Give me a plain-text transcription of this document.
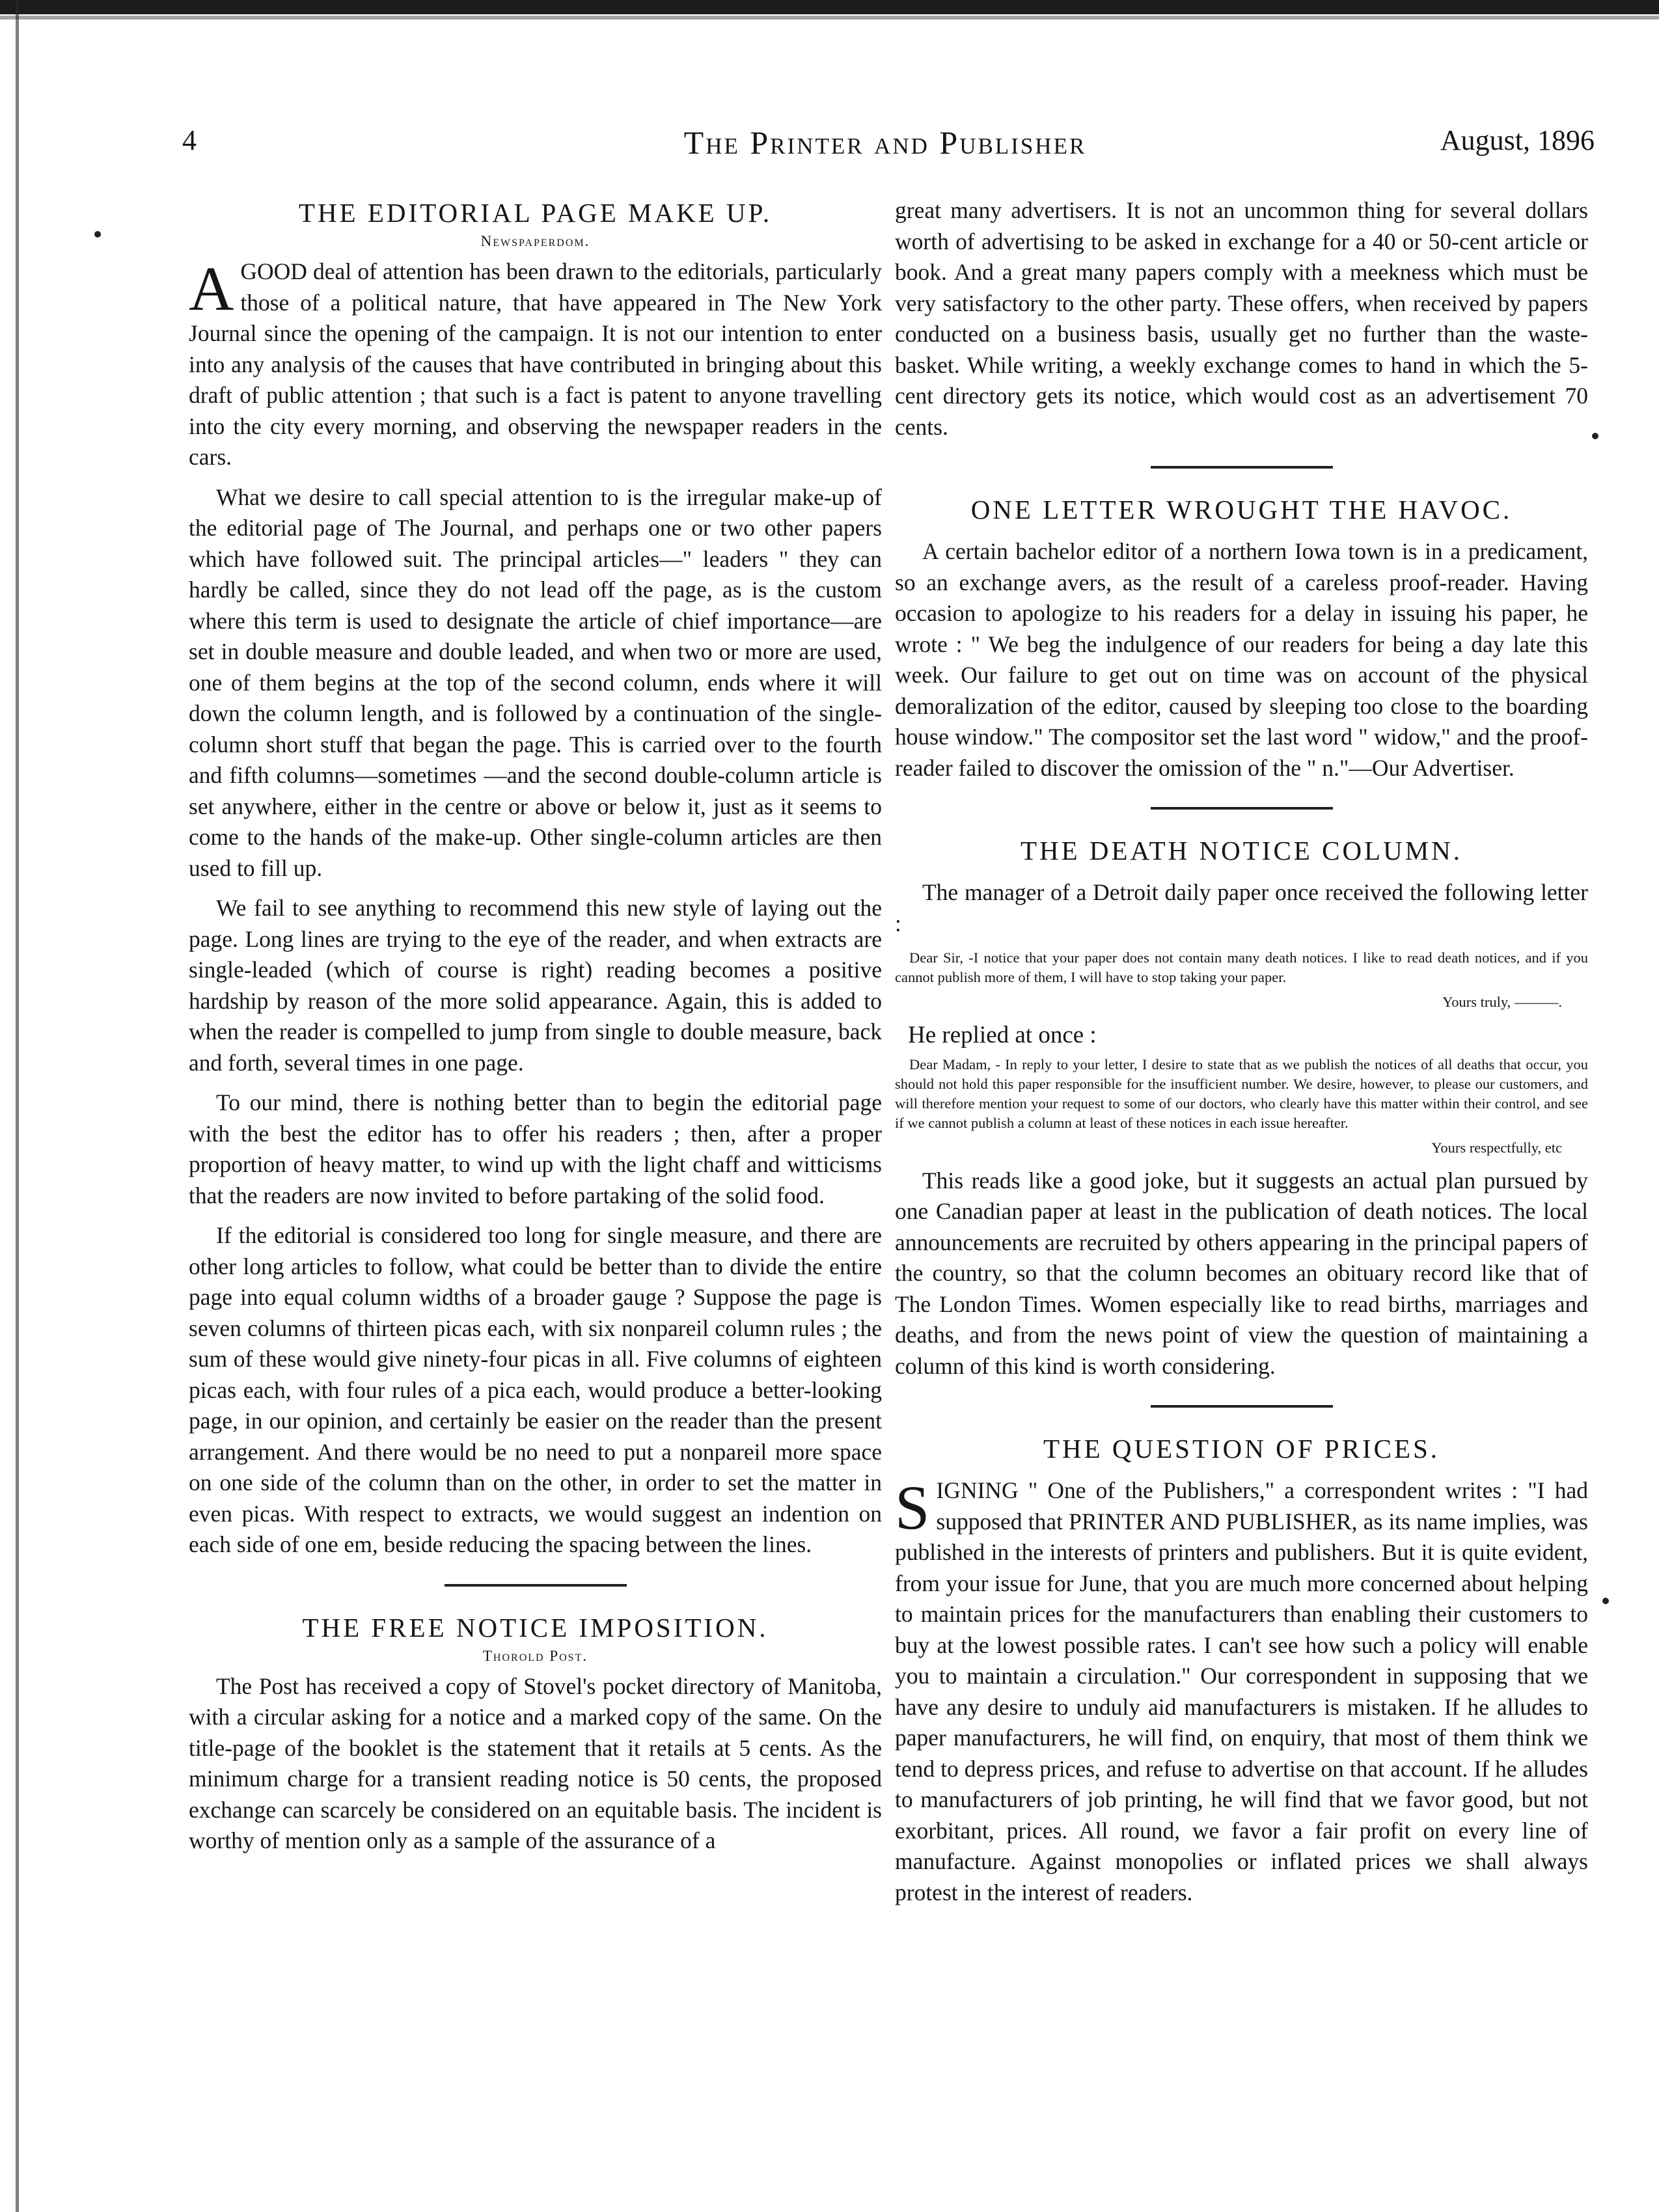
4	The Printer and Publisher	August, 1896
THE EDITORIAL PAGE MAKE UP.
Newspaperdom.

AGOOD deal of attention has been drawn to the editorials, particularly those of a political nature, that have appeared in The New York Journal since the opening of the campaign. It is not our intention to enter into any analysis of the causes that have contributed in bringing about this draft of public attention ; that such is a fact is patent to anyone travelling into the city every morning, and observing the newspaper readers in the cars.

What we desire to call special attention to is the irregular make-up of the editorial page of The Journal, and perhaps one or two other papers which have followed suit. The principal articles—" leaders " they can hardly be called, since they do not lead off the page, as is the custom where this term is used to designate the article of chief importance—are set in double measure and double leaded, and when two or more are used, one of them begins at the top of the second column, ends where it will down the column length, and is followed by a continuation of the single-column short stuff that began the page. This is carried over to the fourth and fifth columns—sometimes —and the second double-column article is set anywhere, either in the centre or above or below it, just as it seems to come to the hands of the make-up. Other single-column articles are then used to fill up.

We fail to see anything to recommend this new style of laying out the page. Long lines are trying to the eye of the reader, and when extracts are single-leaded (which of course is right) reading becomes a positive hardship by reason of the more solid appearance. Again, this is added to when the reader is compelled to jump from single to double measure, back and forth, several times in one page.

To our mind, there is nothing better than to begin the editorial page with the best the editor has to offer his readers ; then, after a proper proportion of heavy matter, to wind up with the light chaff and witticisms that the readers are now invited to before partaking of the solid food.

If the editorial is considered too long for single measure, and there are other long articles to follow, what could be better than to divide the entire page into equal column widths of a broader gauge ? Suppose the page is seven columns of thirteen picas each, with six nonpareil column rules ; the sum of these would give ninety-four picas in all. Five columns of eighteen picas each, with four rules of a pica each, would produce a better-looking page, in our opinion, and certainly be easier on the reader than the present arrangement. And there would be no need to put a nonpareil more space on one side of the column than on the other, in order to set the matter in even picas. With respect to extracts, we would suggest an indention on each side of one em, beside reducing the spacing between the lines.

THE FREE NOTICE IMPOSITION.
Thorold Post.

The Post has received a copy of Stovel's pocket directory of Manitoba, with a circular asking for a notice and a marked copy of the same. On the title-page of the booklet is the statement that it retails at 5 cents. As the minimum charge for a transient reading notice is 50 cents, the proposed exchange can scarcely be considered on an equitable basis. The incident is worthy of mention only as a sample of the assurance of a

great many advertisers. It is not an uncommon thing for several dollars worth of advertising to be asked in exchange for a 40 or 50-cent article or book. And a great many papers comply with a meekness which must be very satisfactory to the other party. These offers, when received by papers conducted on a business basis, usually get no further than the waste-basket. While writing, a weekly exchange comes to hand in which the 5-cent directory gets its notice, which would cost as an advertisement 70 cents.

ONE LETTER WROUGHT THE HAVOC.

A certain bachelor editor of a northern Iowa town is in a predicament, so an exchange avers, as the result of a careless proof-reader. Having occasion to apologize to his readers for a delay in issuing his paper, he wrote : " We beg the indulgence of our readers for being a day late this week. Our failure to get out on time was on account of the physical demoralization of the editor, caused by sleeping too close to the boarding house window." The compositor set the last word " widow," and the proof-reader failed to discover the omission of the " n."—Our Advertiser.

THE DEATH NOTICE COLUMN.

The manager of a Detroit daily paper once received the following letter :

Dear Sir, -I notice that your paper does not contain many death notices. I like to read death notices, and if you cannot publish more of them, I will have to stop taking your paper.

Yours truly, ———.

He replied at once :

Dear Madam, - In reply to your letter, I desire to state that as we publish the notices of all deaths that occur, you should not hold this paper responsible for the insufficient number. We desire, however, to please our customers, and will therefore mention your request to some of our doctors, who clearly have this matter within their control, and see if we cannot publish a column at least of these notices in each issue hereafter.

Yours respectfully, etc

This reads like a good joke, but it suggests an actual plan pursued by one Canadian paper at least in the publication of death notices. The local announcements are recruited by others appearing in the principal papers of the country, so that the column becomes an obituary record like that of The London Times. Women especially like to read births, marriages and deaths, and from the news point of view the question of maintaining a column of this kind is worth considering.

THE QUESTION OF PRICES.

SIGNING " One of the Publishers," a correspondent writes : "I had supposed that PRINTER AND PUBLISHER, as its name implies, was published in the interests of printers and publishers. But it is quite evident, from your issue for June, that you are much more concerned about helping to maintain prices for the manufacturers than enabling their customers to buy at the lowest possible rates. I can't see how such a policy will enable you to maintain a circulation." Our correspondent in supposing that we have any desire to unduly aid manufacturers is mistaken. If he alludes to paper manufacturers, he will find, on enquiry, that most of them think we tend to depress prices, and refuse to advertise on that account. If he alludes to manufacturers of job printing, he will find that we favor good, but not exorbitant, prices. All round, we favor a fair profit on every line of manufacture. Against monopolies or inflated prices we shall always protest in the interest of readers.
